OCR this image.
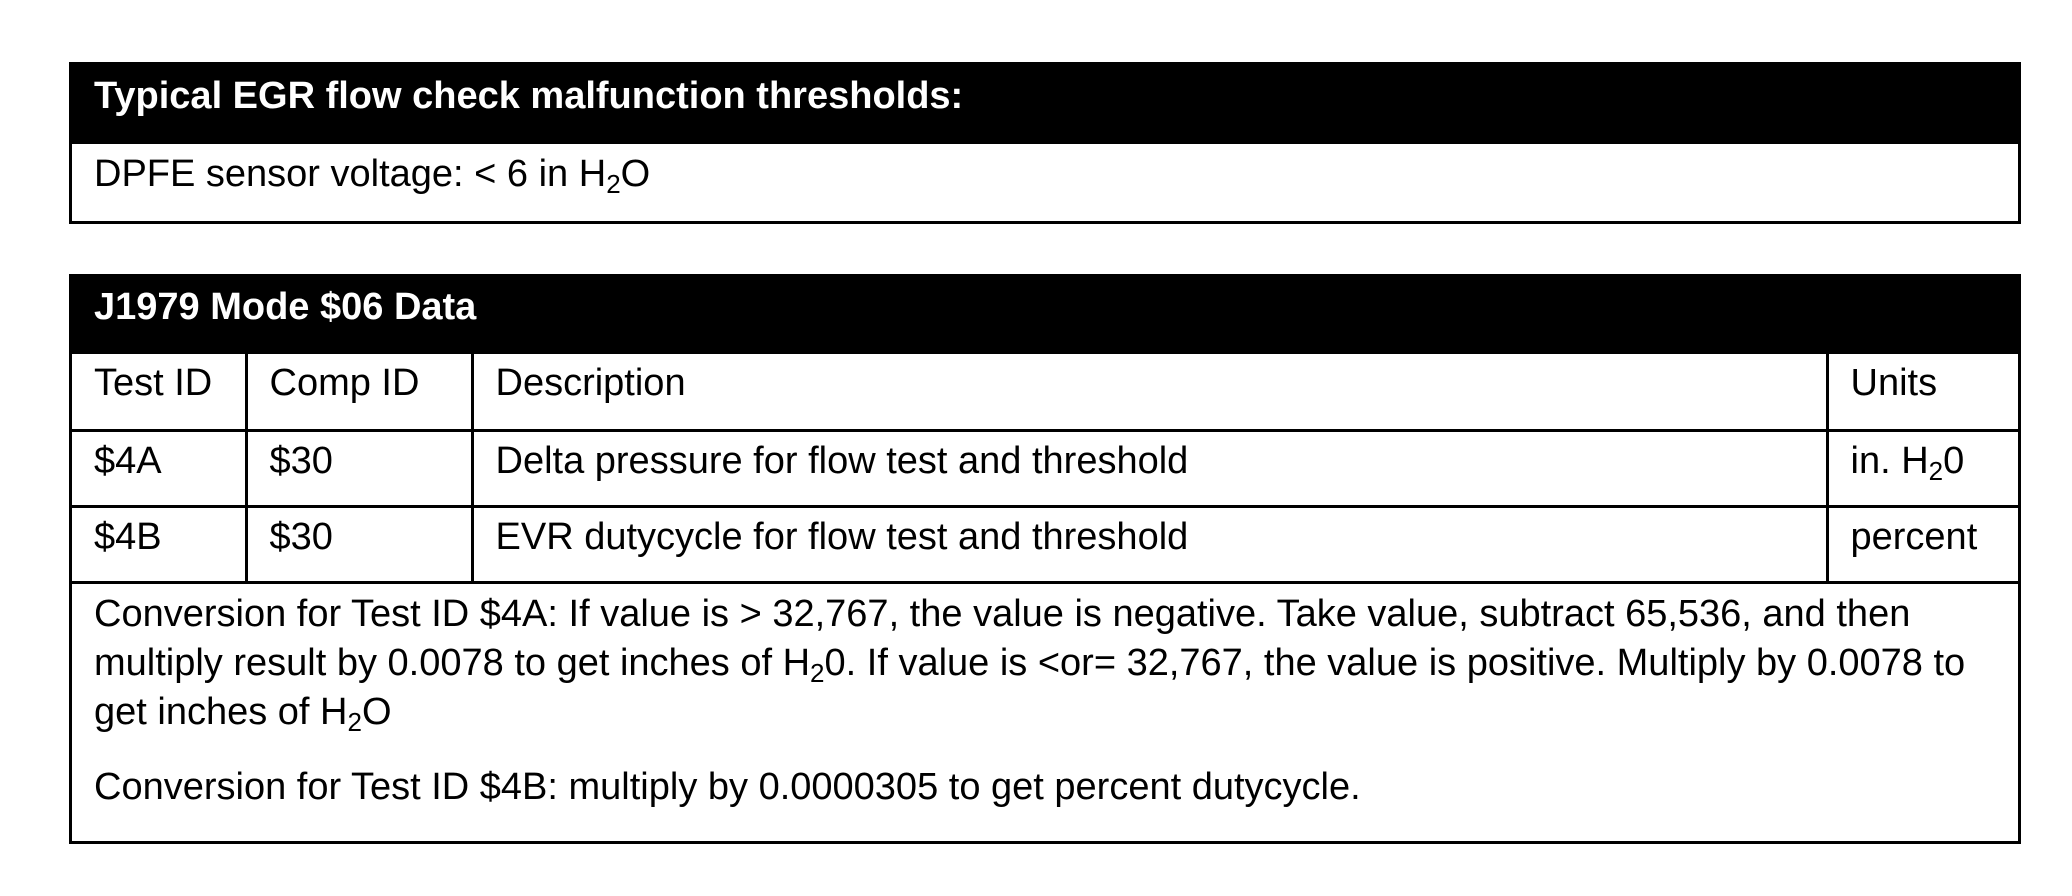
Typical EGR flow check malfunction thresholds:
DPFE sensor voltage: < 6 in $H_2O$
J1979 Mode $06 Data
Test ID	Comp ID	Description	Units
$4A	$30	Delta pressure for flow test and threshold	in. $H_20$
$4B	$30	EVR dutycycle for flow test and threshold	percent

Conversion for Test ID $4A: If value is > 32,767, the value is negative. Take value, subtract 65,536, and then multiply result by 0.0078 to get inches of $H_20$. If value is <or= 32,767, the value is positive. Multiply by 0.0078 to get inches of $H_2O$

Conversion for Test ID $4B: multiply by 0.0000305 to get percent dutycycle.
